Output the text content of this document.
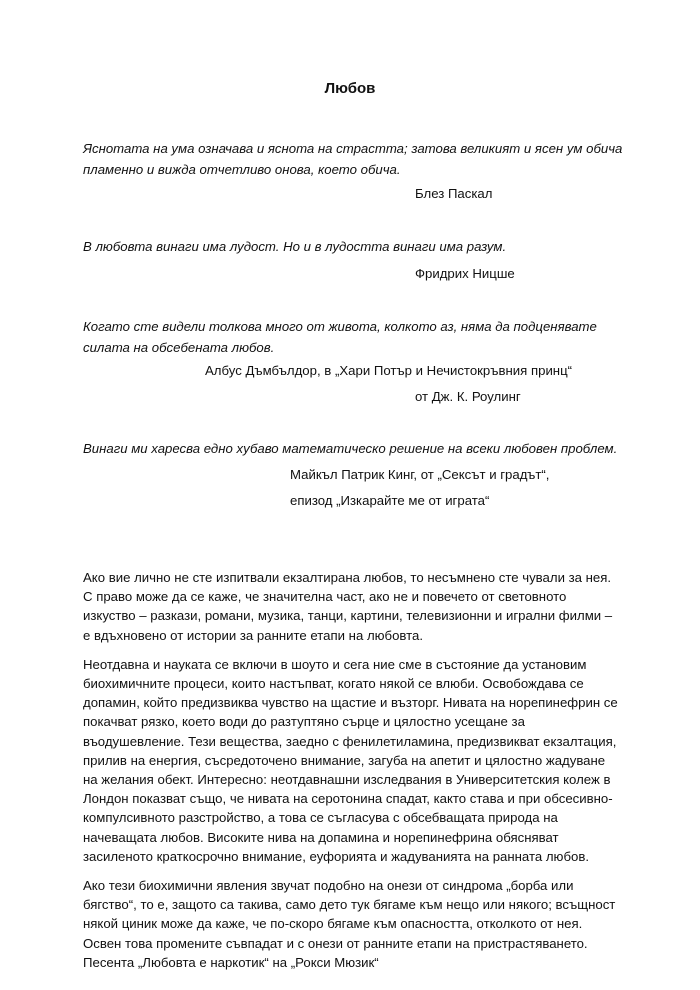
Любов
Яснотата на ума означава и яснота на страстта; затова великият и ясен ум обича пламенно и вижда отчетливо онова, което обича.
Блез Паскал
В любовта винаги има лудост. Но и в лудостта винаги има разум.
Фридрих Ницше
Когато сте видели толкова много от живота, колкото аз, няма да подценявате силата на обсебената любов.
Албус Дъмбълдор, в „Хари Потър и Нечистокръвния принц“
от Дж. К. Роулинг
Винаги ми харесва едно хубаво математическо решение на всеки любовен проблем.
Майкъл Патрик Кинг, от „Сексът и градът“,
епизод „Изкарайте ме от играта“

Ако вие лично не сте изпитвали екзалтирана любов, то несъмнено сте чували за нея. С право може да се каже, че значителна част, ако не и повечето от световното изкуство – разкази, романи, музика, танци, картини, телевизионни и игрални филми – е вдъхновено от истории за ранните етапи на любовта.

Неотдавна и науката се включи в шоуто и сега ние сме в състояние да установим биохимичните процеси, които настъпват, когато някой се влюби. Освобождава се допамин, който предизвиква чувство на щастие и възторг. Нивата на норепинефрин се покачват рязко, което води до разтуптяно сърце и цялостно усещане за въодушевление. Тези вещества, заедно с фенилетиламина, предизвикват екзалтация, прилив на енергия, съсредоточено внимание, загуба на апетит и цялостно жадуване на желания обект. Интересно: неотдавнашни изследвания в Университетския колеж в Лондон показват също, че нивата на серотонина спадат, както става и при обсесивно-компулсивното разстройство, а това се съгласува с обсебващата природа на начеващата любов. Високите нива на допамина и норепинефрина обясняват засиленото краткосрочно внимание, еуфорията и жадуванията на ранната любов.

Ако тези биохимични явления звучат подобно на онези от синдрома „борба или бягство“, то е, защото са такива, само дето тук бягаме към нещо или някого; всъщност някой циник може да каже, че по-скоро бягаме към опасността, отколкото от нея. Освен това промените съвпадат и с онези от ранните етапи на пристрастяването. Песента „Любовта е наркотик“ на „Рокси Мюзик“
